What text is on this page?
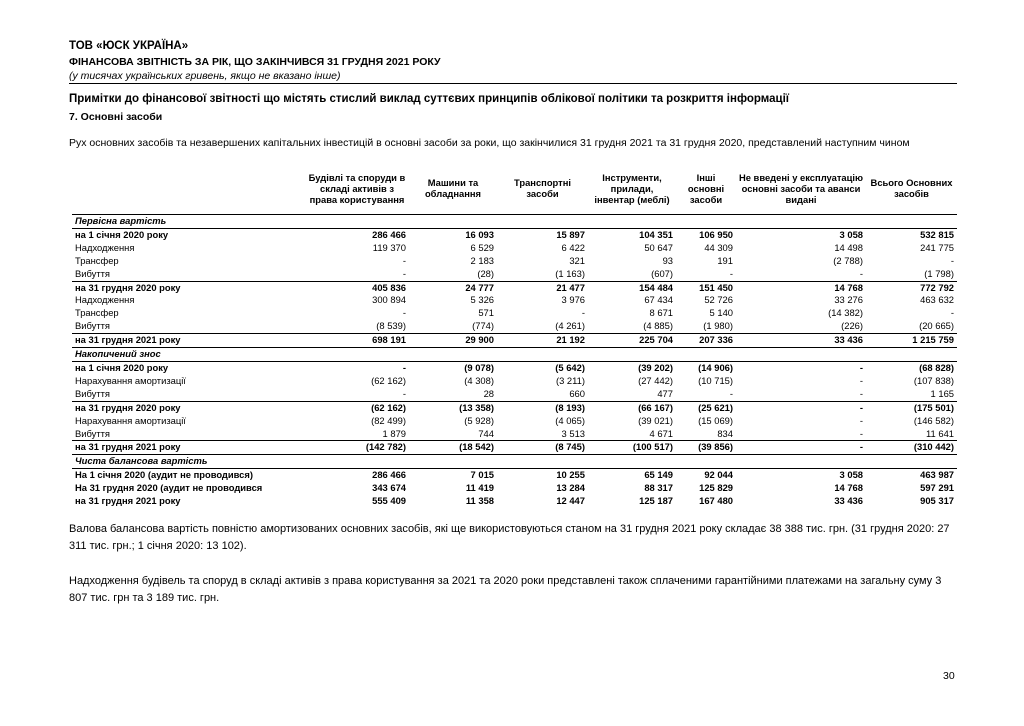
ТОВ «ЮСК УКРАЇНА»
ФІНАНСОВА ЗВІТНІСТЬ ЗА РІК, ЩО ЗАКІНЧИВСЯ 31 ГРУДНЯ 2021 РОКУ
(у тисячах українських гривень, якщо не вказано інше)
Примітки до фінансової звітності що містять стислий виклад суттєвих принципів облікової політики та розкриття інформації
7. Основні засоби
Рух основних засобів та незавершених капітальних інвестицій в основні засоби за роки, що закінчилися 31 грудня 2021 та 31 грудня 2020, представлений наступним чином
	Будівлі та споруди в складі активів з права користування	Машини та обладнання	Транспортні засоби	Інструменти, прилади, інвентар (меблі)	Інші основні засоби	Не введені у експлуатацію основні засоби та аванси видані	Всього Основних засобів
Первісна вартість							
на 1 січня 2020 року	286 466	16 093	15 897	104 351	106 950	3 058	532 815
Надходження	119 370	6 529	6 422	50 647	44 309	14 498	241 775
Трансфер	-	2 183	321	93	191	(2 788)	-
Вибуття	-	(28)	(1 163)	(607)	-	-	(1 798)
на 31 грудня 2020 року	405 836	24 777	21 477	154 484	151 450	14 768	772 792
Надходження	300 894	5 326	3 976	67 434	52 726	33 276	463 632
Трансфер	-	571	-	8 671	5 140	(14 382)	-
Вибуття	(8 539)	(774)	(4 261)	(4 885)	(1 980)	(226)	(20 665)
на 31 грудня 2021 року	698 191	29 900	21 192	225 704	207 336	33 436	1 215 759
Накопичений знос							
на 1 січня 2020 року	-	(9 078)	(5 642)	(39 202)	(14 906)	-	(68 828)
Нарахування амортизації	(62 162)	(4 308)	(3 211)	(27 442)	(10 715)	-	(107 838)
Вибуття	-	28	660	477	-	-	1 165
на 31 грудня 2020 року	(62 162)	(13 358)	(8 193)	(66 167)	(25 621)	-	(175 501)
Нарахування амортизації	(82 499)	(5 928)	(4 065)	(39 021)	(15 069)	-	(146 582)
Вибуття	1 879	744	3 513	4 671	834	-	11 641
на 31 грудня 2021 року	(142 782)	(18 542)	(8 745)	(100 517)	(39 856)	-	(310 442)
Чиста балансова вартість							
На 1 січня 2020 (аудит не проводився)	286 466	7 015	10 255	65 149	92 044	3 058	463 987
На 31 грудня 2020 (аудит не проводився	343 674	11 419	13 284	88 317	125 829	14 768	597 291
на 31 грудня 2021 року	555 409	11 358	12 447	125 187	167 480	33 436	905 317
Валова балансова вартість повністю амортизованих основних засобів, які ще використовуються станом на 31 грудня 2021 року складає 38 388 тис. грн. (31 грудня 2020: 27 311 тис. грн.; 1 січня 2020: 13 102).
Надходження будівель та споруд в складі активів з права користування за 2021 та 2020 роки представлені також сплаченими гарантійними платежами на загальну суму 3 807 тис. грн та 3 189 тис. грн.
30
